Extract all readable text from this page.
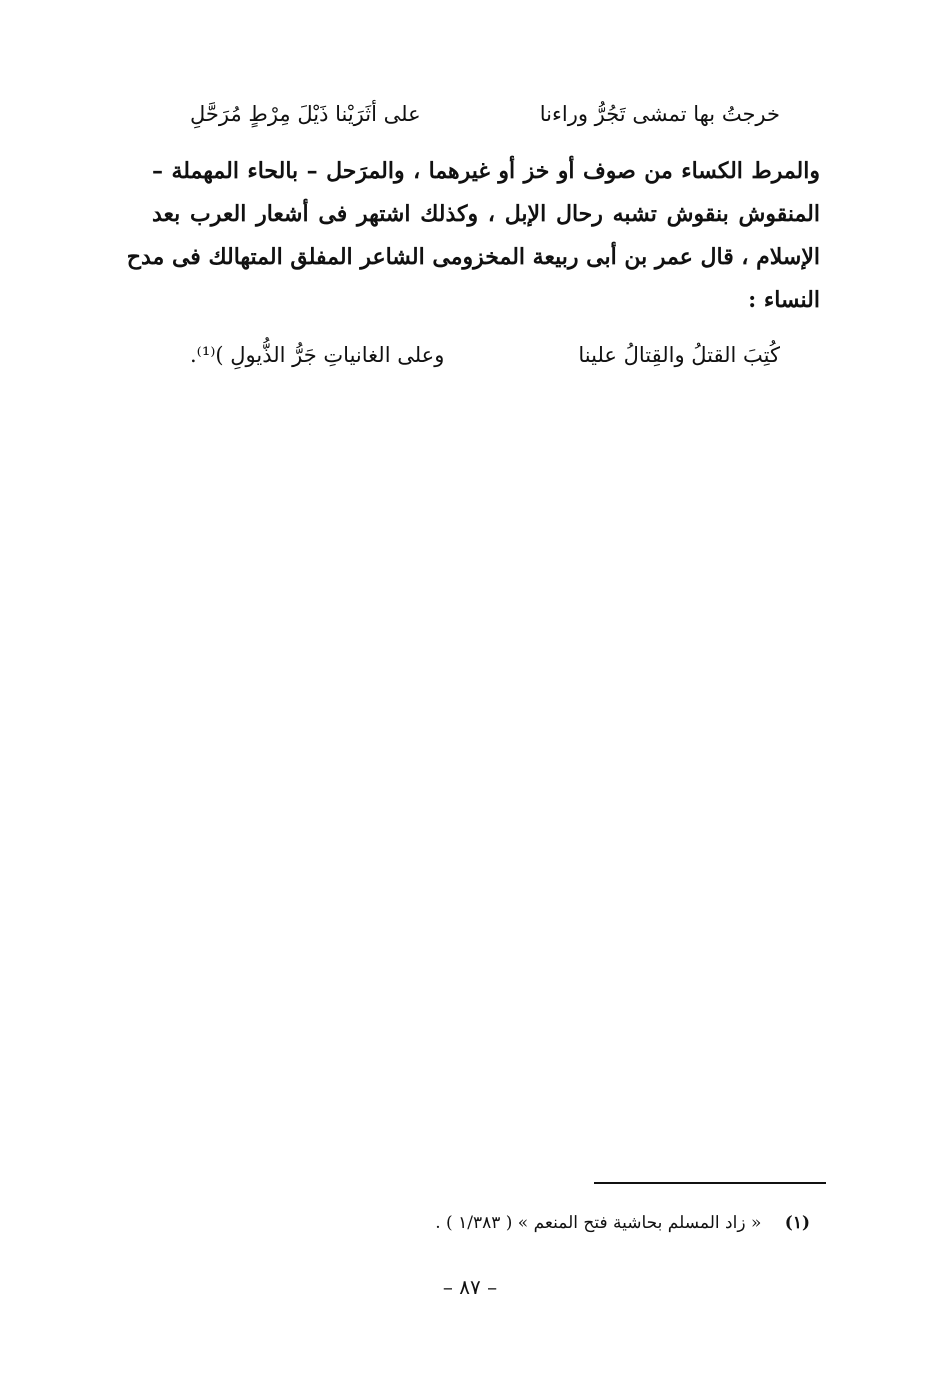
خرجتُ بها تمشى تَجُرُّ وراءنا
على أثَرَيْنا ذَيْلَ مِرْطٍ مُرَحَّلِ
والمرط الكساء من صوف أو خز أو غيرهما ، والمرَحل – بالحاء المهملة –
المنقوش بنقوش تشبه رحال الإبل ، وكذلك اشتهر فى أشعار العرب بعد
الإسلام ، قال عمر بن أبى ربيعة المخزومى الشاعر المفلق المتهالك فى مدح
النساء :
كُتِبَ القتلُ والقِتالُ علينا
وعلى الغانياتِ جَرُّ الذُّيولِ )⁽¹⁾.
(١) « زاد المسلم بحاشية فتح المنعم » ( ١/٣٨٣ ) .
– ٨٧ –
